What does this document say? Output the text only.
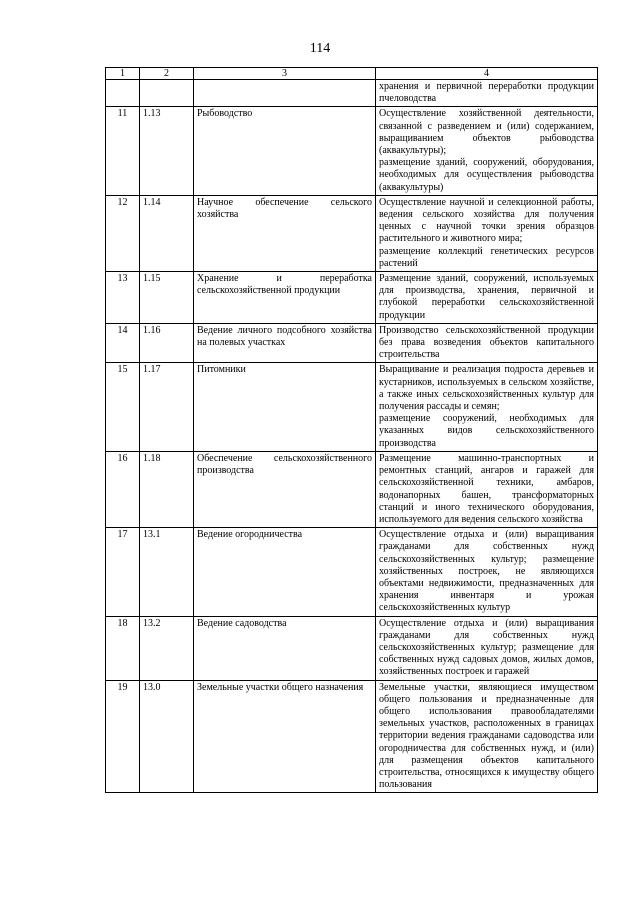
114
1	2	3	4

			хранения и первичной переработки продукции пчеловодства

11	1.13	Рыбоводство	Осуществление хозяйственной деятельности, связанной с разведением и (или) содержанием, выращиванием объектов рыбоводства (аквакультуры);
размещение зданий, сооружений, оборудования, необходимых для осуществления рыбоводства (аквакультуры)

12	1.14	Научное обеспечение сельского хозяйства	Осуществление научной и селекционной работы, ведения сельского хозяйства для получения ценных с научной точки зрения образцов растительного и животного мира;
размещение коллекций генетических ресурсов растений

13	1.15	Хранение и переработка сельскохозяйственной продукции	Размещение зданий, сооружений, используемых для производства, хранения, первичной и глубокой переработки сельскохозяйственной продукции

14	1.16	Ведение личного подсобного хозяйства на полевых участках	Производство сельскохозяйственной продукции без права возведения объектов капитального строительства

15	1.17	Питомники	Выращивание и реализация подроста деревьев и кустарников, используемых в сельском хозяйстве, а также иных сельскохозяйственных культур для получения рассады и семян;
размещение сооружений, необходимых для указанных видов сельскохозяйственного производства

16	1.18	Обеспечение сельскохозяйственного производства	Размещение машинно-транспортных и ремонтных станций, ангаров и гаражей для сельскохозяйственной техники, амбаров, водонапорных башен, трансформаторных станций и иного технического оборудования, используемого для ведения сельского хозяйства

17	13.1	Ведение огородничества	Осуществление отдыха и (или) выращивания гражданами для собственных нужд сельскохозяйственных культур; размещение хозяйственных построек, не являющихся объектами недвижимости, предназначенных для хранения инвентаря и урожая сельскохозяйственных культур

18	13.2	Ведение садоводства	Осуществление отдыха и (или) выращивания гражданами для собственных нужд сельскохозяйственных культур; размещение для собственных нужд садовых домов, жилых домов, хозяйственных построек и гаражей

19	13.0	Земельные участки общего назначения	Земельные участки, являющиеся имуществом общего пользования и предназначенные для общего использования правообладателями земельных участков, расположенных в границах территории ведения гражданами садоводства или огородничества для собственных нужд, и (или) для размещения объектов капитального строительства, относящихся к имуществу общего пользования
